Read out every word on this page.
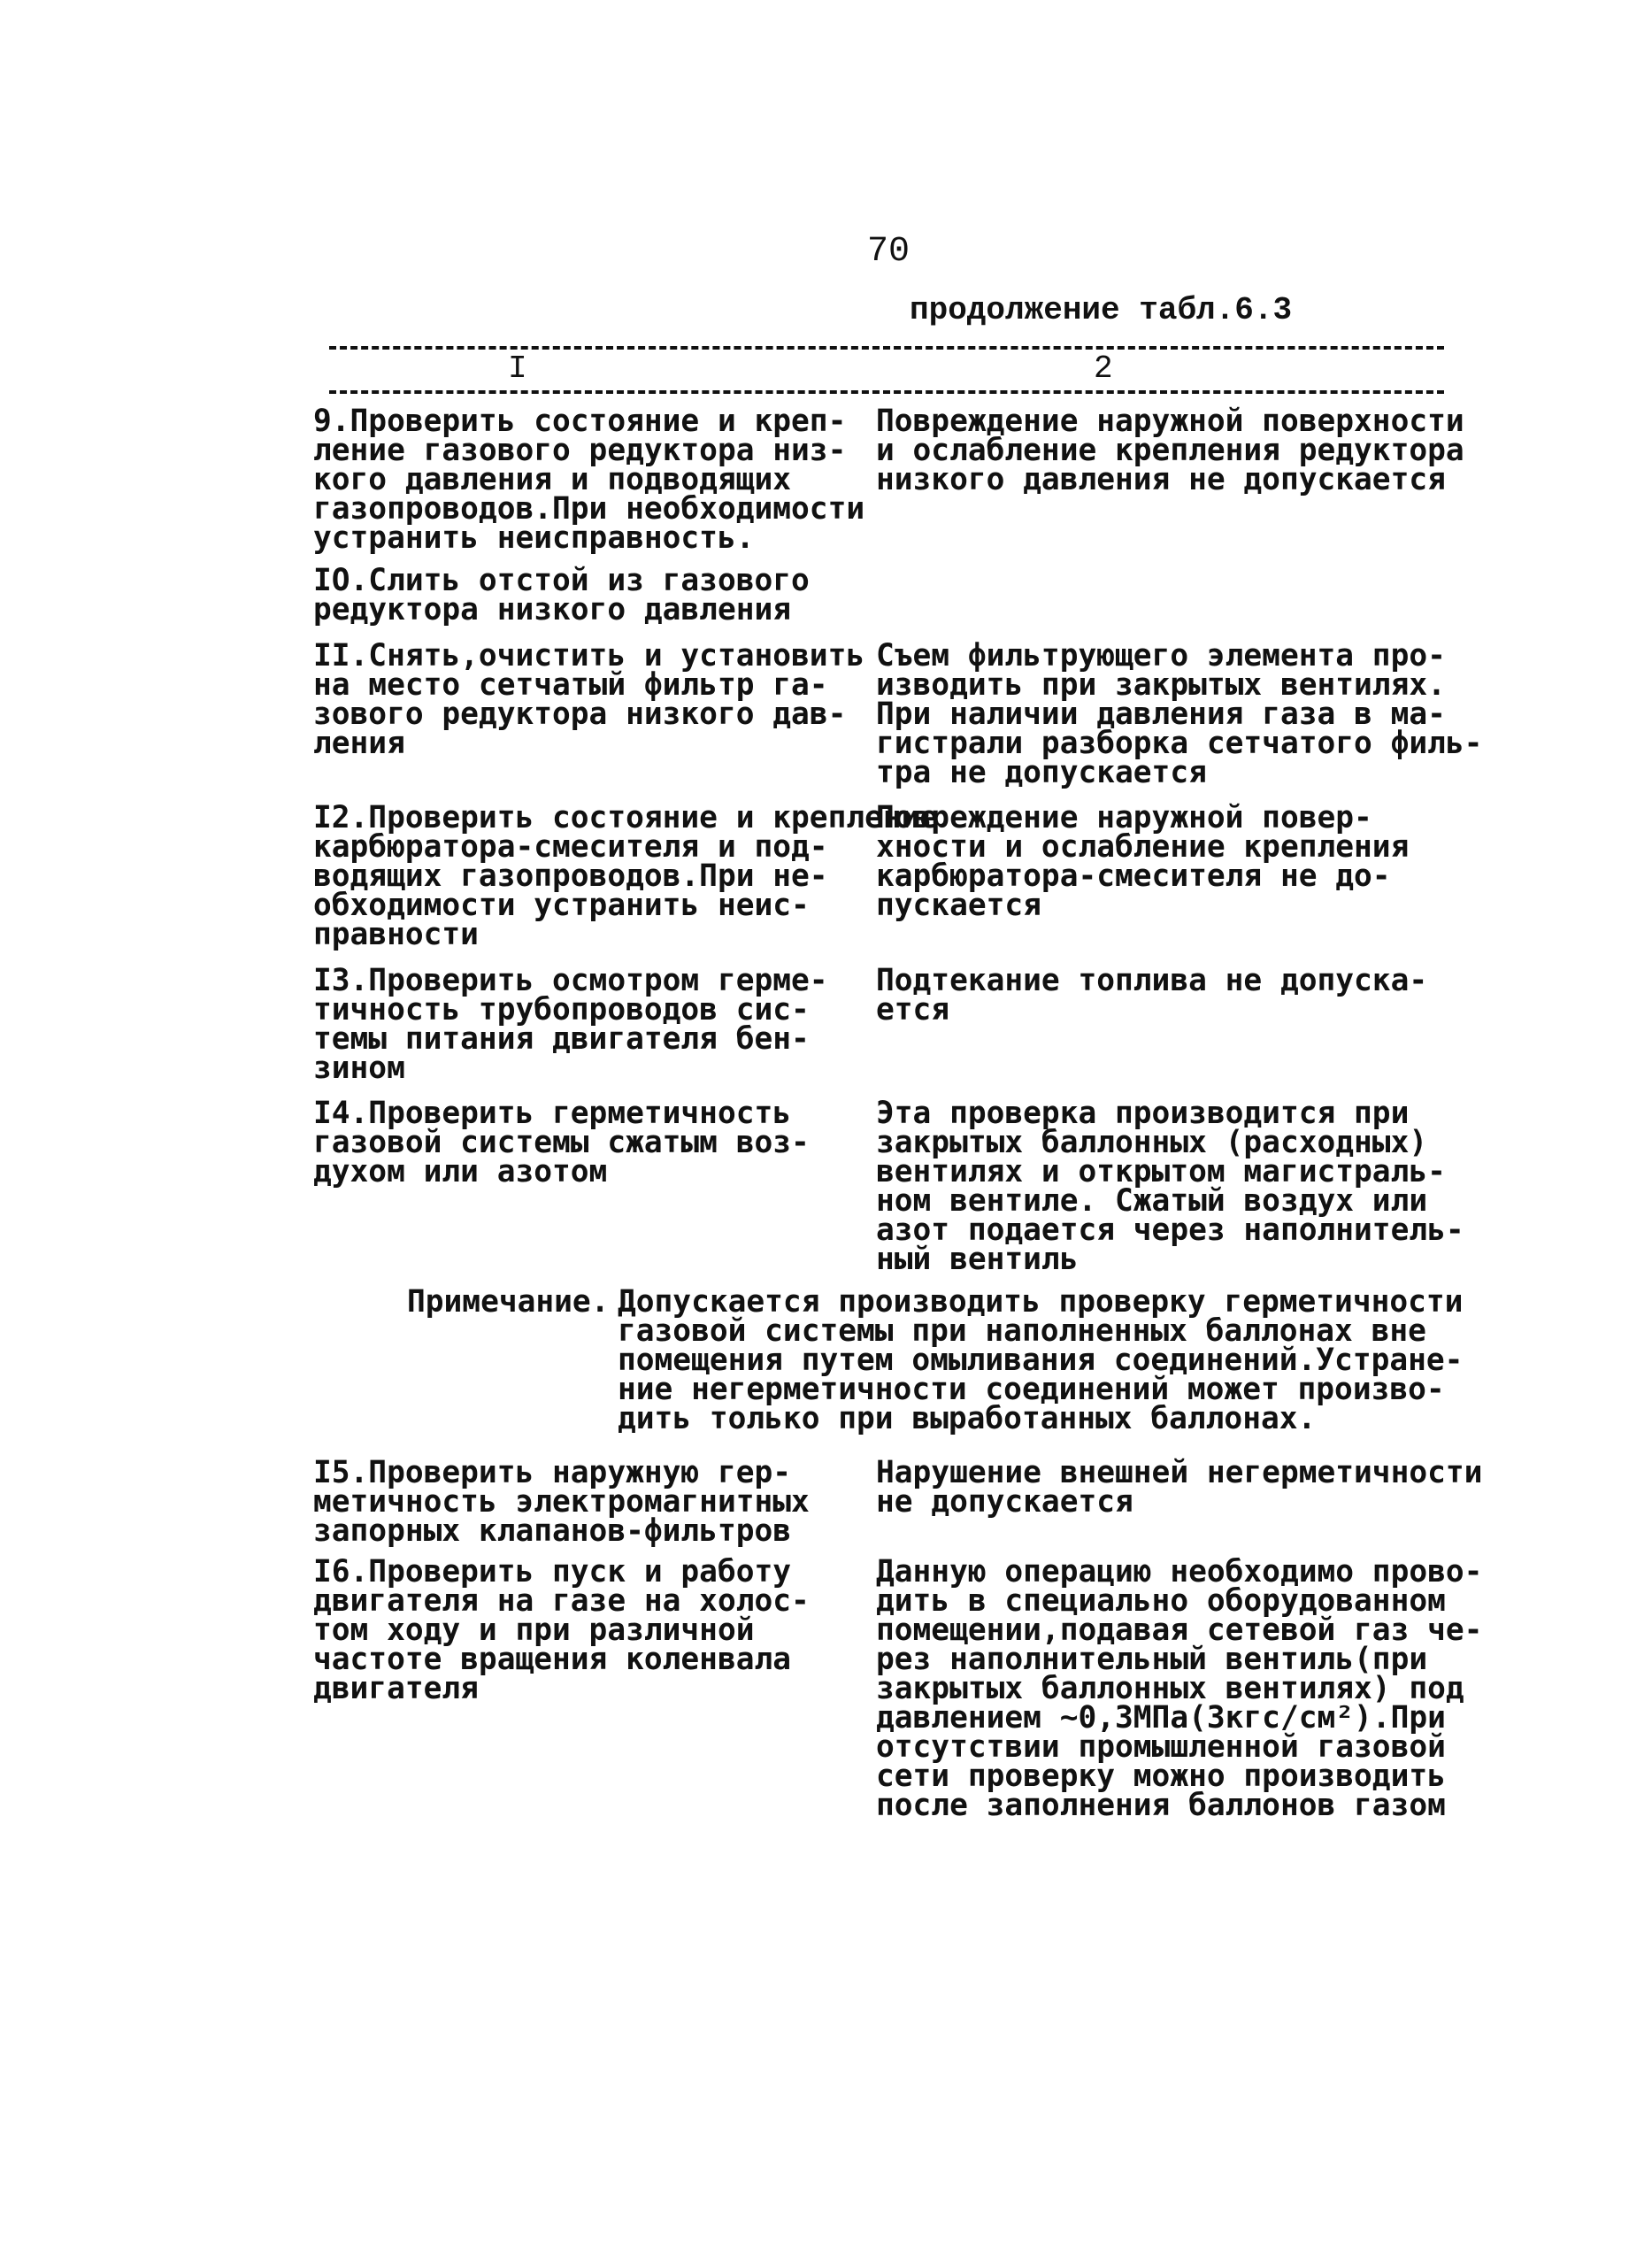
70
продолжение табл.6.3
I	2
9.Проверить состояние и креп-
ление газового редуктора низ-
кого давления и подводящих
газопроводов.При необходимости
устранить неисправность.
Повреждение наружной поверхности
и ослабление крепления редуктора
низкого давления не допускается
IO.Слить отстой из газового
редуктора низкого давления
II.Снять,очистить и установить
на место сетчатый фильтр га-
зового редуктора низкого дав-
ления
Съем фильтрующего элемента про-
изводить при закрытых вентилях.
При наличии давления газа в ма-
гистрали разборка сетчатого филь-
тра не допускается
I2.Проверить состояние и крепление
карбюратора-смесителя и под-
водящих газопроводов.При не-
обходимости устранить неис-
правности
Повреждение наружной повер-
хности и ослабление крепления
карбюратора-смесителя не до-
пускается
I3.Проверить осмотром герме-
тичность трубопроводов сис-
темы питания двигателя бен-
зином
Подтекание топлива не допуска-
ется
I4.Проверить герметичность
газовой системы сжатым воз-
духом или азотом
Эта проверка производится при
закрытых баллонных (расходных)
вентилях и открытом магистраль-
ном вентиле. Сжатый воздух или
азот подается через наполнитель-
ный вентиль
Примечание. Допускается производить проверку герметичности
газовой системы при наполненных баллонах вне
помещения путем омыливания соединений.Устране-
ние негерметичности соединений может произво-
дить только при выработанных баллонах.
I5.Проверить наружную гер-
метичность электромагнитных
запорных клапанов-фильтров
Нарушение внешней негерметичности
не допускается
I6.Проверить пуск и работу
двигателя на газе на холос-
том ходу и при различной
частоте вращения коленвала
двигателя
Данную операцию необходимо прово-
дить в специально оборудованном
помещении,подавая сетевой газ че-
рез наполнительный вентиль(при
закрытых баллонных вентилях) под
давлением ~0,3МПа(3кгс/см²).При
отсутствии промышленной газовой
сети проверку можно производить
после заполнения баллонов газом
